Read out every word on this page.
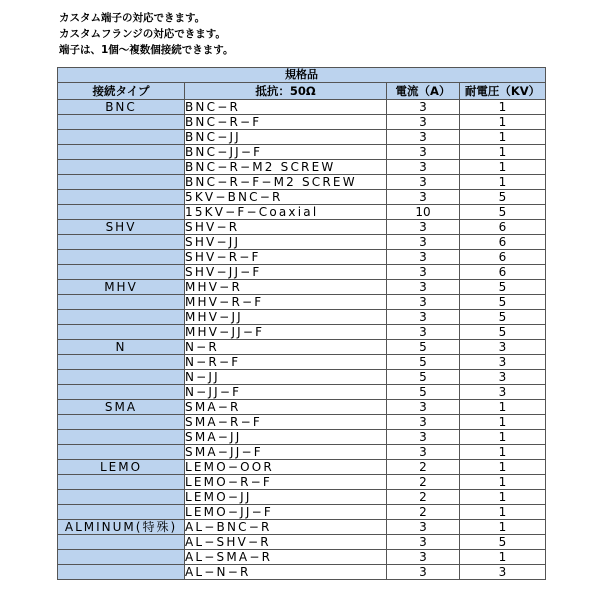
カスタム端子の対応できます。
カスタムフランジの対応できます。
端子は、1個～複数個接続できます。
規格品			
接続タイプ	抵抗：50Ω	電流（A）	耐電圧（KV）
BNC	BNC−R	3	1
	BNC−R−F	3	1
	BNC−JJ	3	1
	BNC−JJ−F	3	1
	BNC−R−M2 SCREW	3	1
	BNC−R−F−M2 SCREW	3	1
	5KV−BNC−R	3	5
	15KV−F−Coaxial	10	5
SHV	SHV−R	3	6
	SHV−JJ	3	6
	SHV−R−F	3	6
	SHV−JJ−F	3	6
MHV	MHV−R	3	5
	MHV−R−F	3	5
	MHV−JJ	3	5
	MHV−JJ−F	3	5
N	N−R	5	3
	N−R−F	5	3
	N−JJ	5	3
	N−JJ−F	5	3
SMA	SMA−R	3	1
	SMA−R−F	3	1
	SMA−JJ	3	1
	SMA−JJ−F	3	1
LEMO	LEMO−OOR	2	1
	LEMO−R−F	2	1
	LEMO−JJ	2	1
	LEMO−JJ−F	2	1
ALMINUM(特殊)	AL−BNC−R	3	1
	AL−SHV−R	3	5
	AL−SMA−R	3	1
	AL−N−R	3	3
